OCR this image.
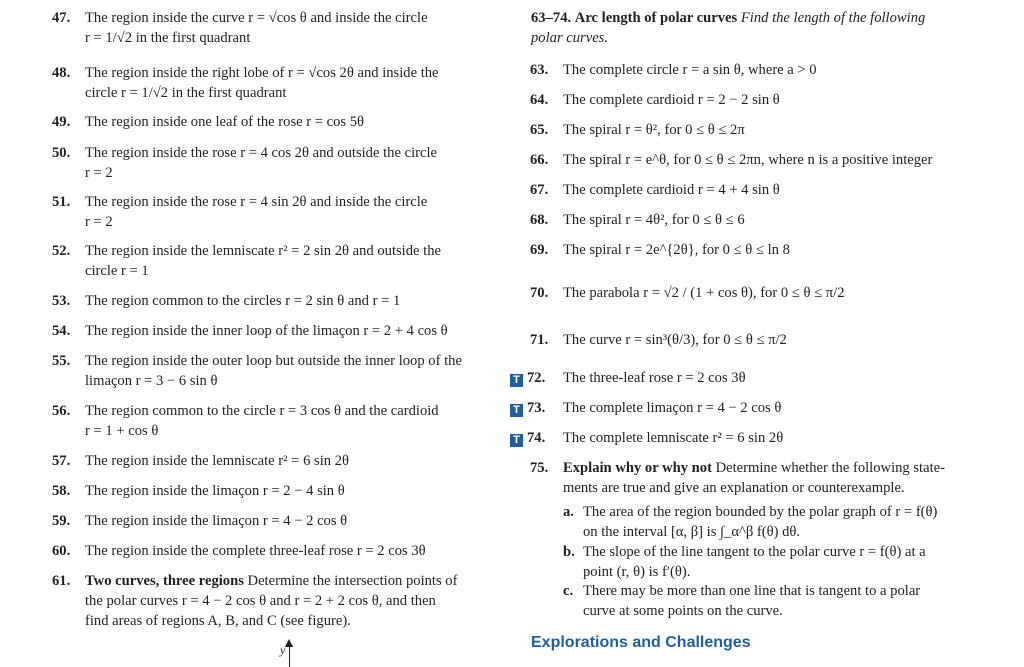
47.	The region inside the curve r = √cos θ and inside the circle
r = 1/√2 in the first quadrant
48.	The region inside the right lobe of r = √cos 2θ and inside the
circle r = 1/√2 in the first quadrant
49.	The region inside one leaf of the rose r = cos 5θ
50.	The region inside the rose r = 4 cos 2θ and outside the circle
r = 2
51.	The region inside the rose r = 4 sin 2θ and inside the circle
r = 2
52.	The region inside the lemniscate r² = 2 sin 2θ and outside the
circle r = 1
53.	The region common to the circles r = 2 sin θ and r = 1
54.	The region inside the inner loop of the limaçon r = 2 + 4 cos θ
55.	The region inside the outer loop but outside the inner loop of the
limaçon r = 3 − 6 sin θ
56.	The region common to the circle r = 3 cos θ and the cardioid
r = 1 + cos θ
57.	The region inside the lemniscate r² = 6 sin 2θ
58.	The region inside the limaçon r = 2 − 4 sin θ
59.	The region inside the limaçon r = 4 − 2 cos θ
60.	The region inside the complete three-leaf rose r = 2 cos 3θ
61.	Two curves, three regions Determine the intersection points of
the polar curves r = 4 − 2 cos θ and r = 2 + 2 cos θ, and then
find areas of regions A, B, and C (see figure).
y
63–74. Arc length of polar curves Find the length of the following
polar curves.
63.	The complete circle r = a sin θ, where a > 0
64.	The complete cardioid r = 2 − 2 sin θ
65.	The spiral r = θ², for 0 ≤ θ ≤ 2π
66.	The spiral r = e^θ, for 0 ≤ θ ≤ 2πn, where n is a positive integer
67.	The complete cardioid r = 4 + 4 sin θ
68.	The spiral r = 4θ², for 0 ≤ θ ≤ 6
69.	The spiral r = 2e^{2θ}, for 0 ≤ θ ≤ ln 8
70.	The parabola r = √2 / (1 + cos θ), for 0 ≤ θ ≤ π/2
71.	The curve r = sin³(θ/3), for 0 ≤ θ ≤ π/2
T 72. The three-leaf rose r = 2 cos 3θ
T 73. The complete limaçon r = 4 − 2 cos θ
T 74. The complete lemniscate r² = 6 sin 2θ
75.	Explain why or why not Determine whether the following state-
ments are true and give an explanation or counterexample.
a. The area of the region bounded by the polar graph of r = f(θ)
on the interval [α, β] is ∫_α^β f(θ) dθ.
b. The slope of the line tangent to the polar curve r = f(θ) at a
point (r, θ) is f′(θ).
c. There may be more than one line that is tangent to a polar
curve at some points on the curve.
Explorations and Challenges
